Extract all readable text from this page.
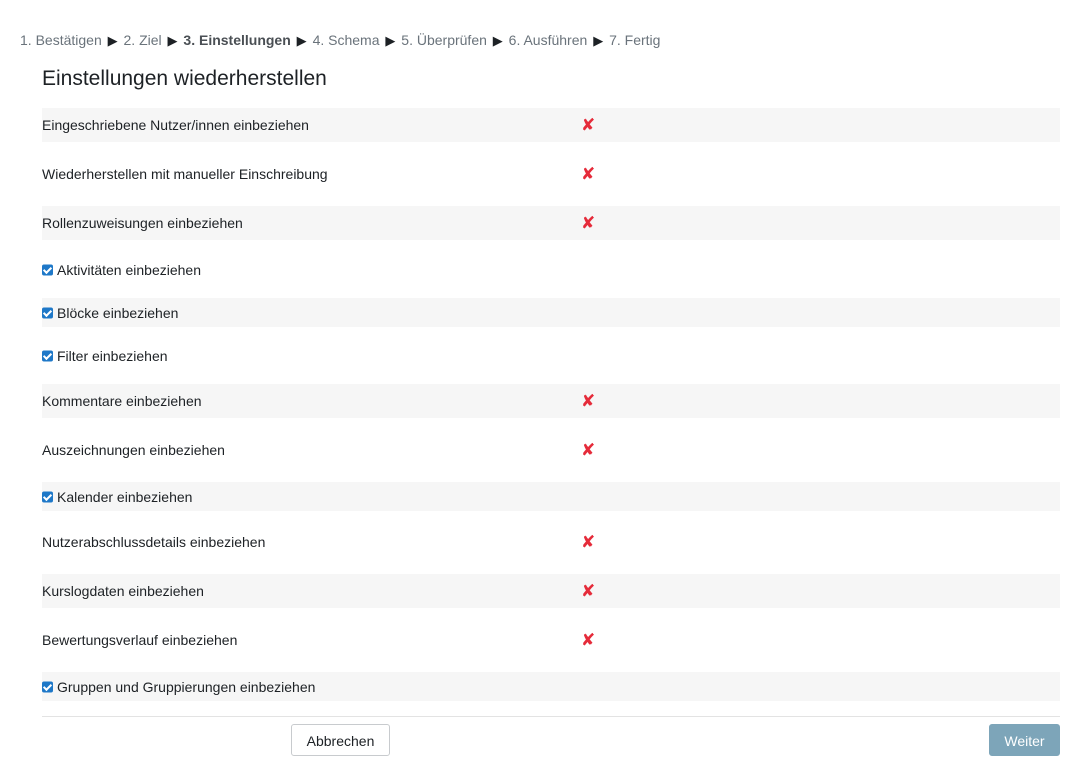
1. Bestätigen ▶ 2. Ziel ▶ 3. Einstellungen ▶ 4. Schema ▶ 5. Überprüfen ▶ 6. Ausführen ▶ 7. Fertig
Einstellungen wiederherstellen
Eingeschriebene Nutzer/innen einbeziehen	✘
Wiederherstellen mit manueller Einschreibung	✘
Rollenzuweisungen einbeziehen	✘
Aktivitäten einbeziehen
Blöcke einbeziehen
Filter einbeziehen
Kommentare einbeziehen	✘
Auszeichnungen einbeziehen	✘
Kalender einbeziehen
Nutzerabschlussdetails einbeziehen	✘
Kurslogdaten einbeziehen	✘
Bewertungsverlauf einbeziehen	✘
Gruppen und Gruppierungen einbeziehen
Abbrechen	Weiter
